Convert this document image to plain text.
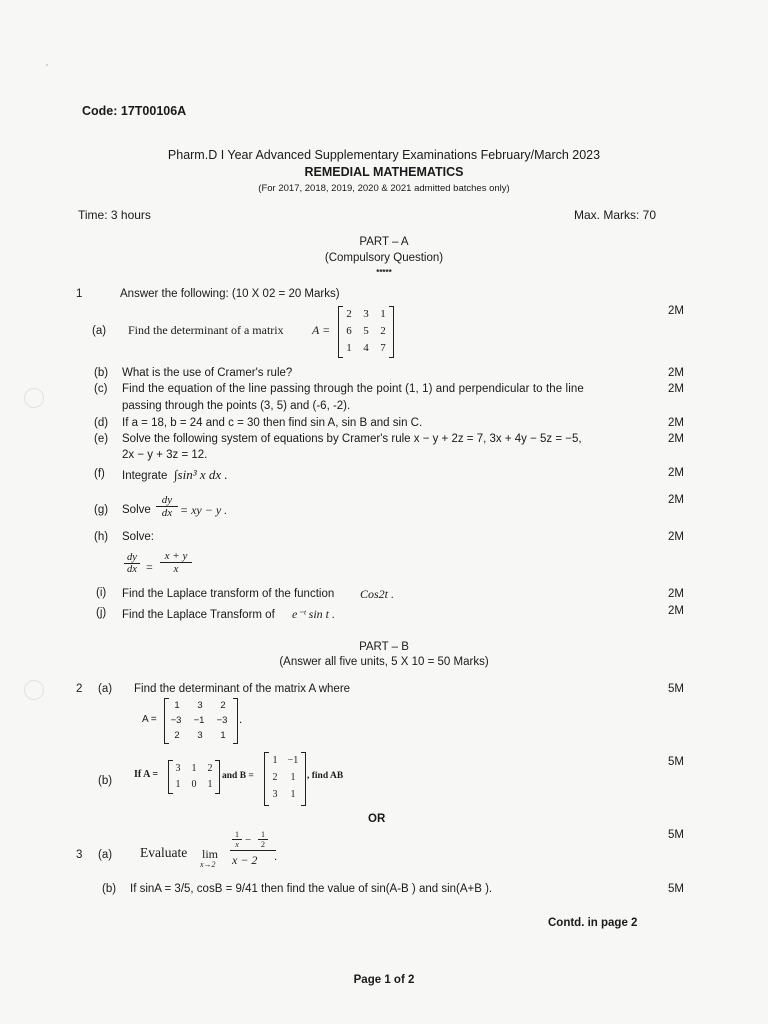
Code: 17T00106A
Pharm.D I Year Advanced Supplementary Examinations February/March 2023
REMEDIAL MATHEMATICS
(For 2017, 2018, 2019, 2020 & 2021 admitted batches only)
Time: 3 hours	Max. Marks: 70
PART – A
(Compulsory Question)
*****
1	Answer the following: (10 X 02 = 20 Marks)
(a) Find the determinant of a matrix A =
2	3	1
6	5	2
1	4	7
2M
(b) What is the use of Cramer's rule?	2M
(c) Find the equation of the line passing through the point (1, 1) and perpendicular to the line
passing through the points (3, 5) and (-6, -2).
2M
(d) If a = 18, b = 24 and c = 30 then find sin A, sin B and sin C.	2M
(e) Solve the following system of equations by Cramer's rule x − y + 2z = 7, 3x + 4y − 5z = −5,
2x − y + 3z = 12.
2M
(f) Integrate ∫sin³ x dx .	2M
(g) Solve $\frac{dy}{dx}$ = xy − y .
2M
(h) Solve:
$\frac{dy}{dx} = \frac{x + y}{x}$
2M
(i) Find the Laplace transform of the function Cos2t .	2M
(j) Find the Laplace Transform of e⁻ᵗ sin t .	2M
PART – B
(Answer all five units, 5 X 10 = 50 Marks)
2 (a) Find the determinant of the matrix A where	5M
A =
1	3	2
−3	−1	−3
2	3	1
.
(b)
If A =
3	1	2
1	0	1
and B =
1	−1
2	1
3	1
, find AB
5M
OR
3 (a) Evaluate lim
x→2
$\frac{1}{x} - \frac{1}{2}$
x − 2 .
5M
(b) If sinA = 3/5, cosB = 9/41 then find the value of sin(A-B ) and sin(A+B ).	5M
Contd. in page 2
Page 1 of 2
